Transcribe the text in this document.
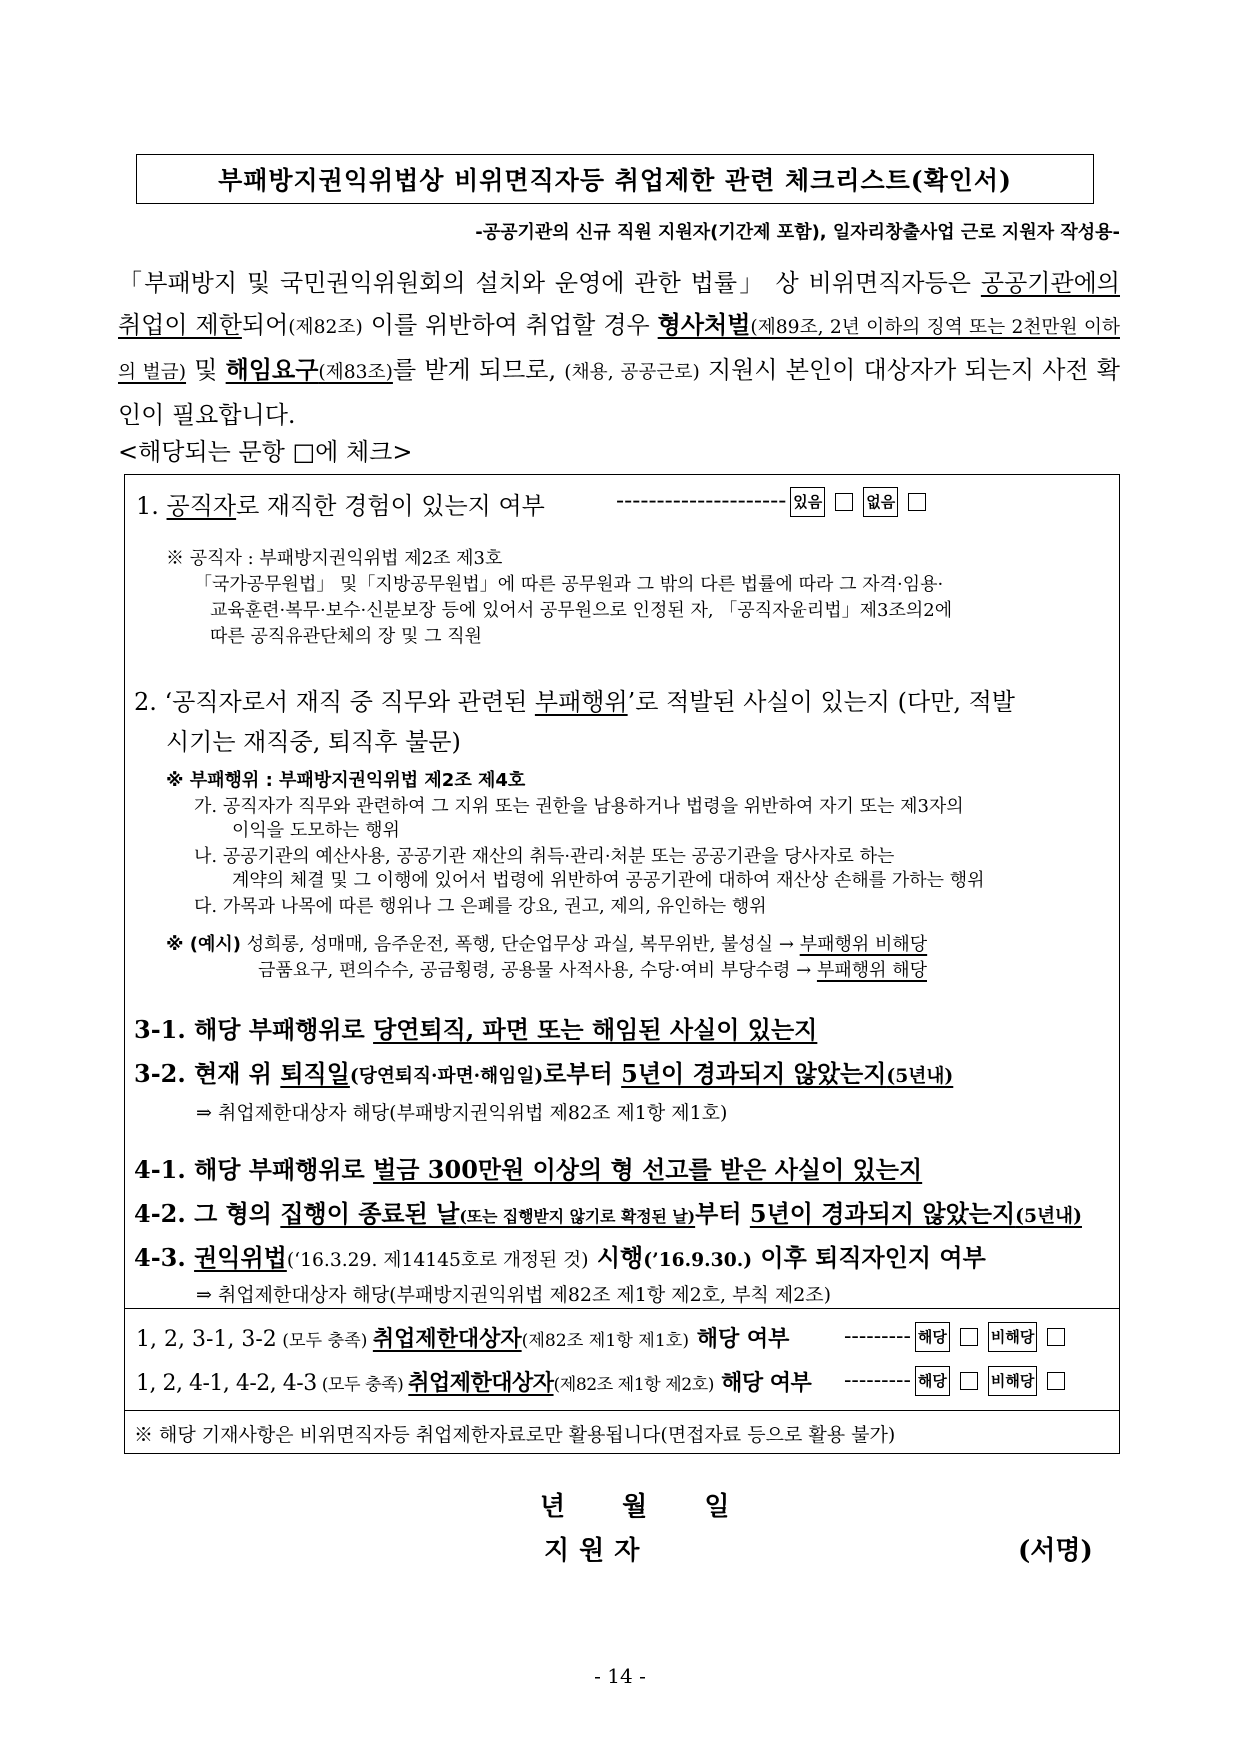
부패방지권익위법상 비위면직자등 취업제한 관련 체크리스트(확인서)
-공공기관의 신규 직원 지원자(기간제 포함), 일자리창출사업 근로 지원자 작성용-
「부패방지 및 국민권익위원회의 설치와 운영에 관한 법률」 상 비위면직자등은 공공기관에의 취업이 제한되어(제82조) 이를 위반하여 취업할 경우 형사처벌(제89조, 2년 이하의 징역 또는 2천만원 이하의 벌금) 및 해임요구(제83조)를 받게 되므로, (채용, 공공근로) 지원시 본인이 대상자가 되는지 사전 확인이 필요합니다.
<해당되는 문항 □에 체크>
1. 공직자로 재직한 경험이 있는지 여부	--------------------- 있음	없음
※ 공직자 : 부패방지권익위법 제2조 제3호
「국가공무원법」 및「지방공무원법」에 따른 공무원과 그 밖의 다른 법률에 따라 그 자격·임용·
교육훈련·복무·보수·신분보장 등에 있어서 공무원으로 인정된 자, 「공직자윤리법」제3조의2에
따른 공직유관단체의 장 및 그 직원
2. ‘공직자로서 재직 중 직무와 관련된 부패행위’로 적발된 사실이 있는지 (다만, 적발
시기는 재직중, 퇴직후 불문)
※ 부패행위 : 부패방지권익위법 제2조 제4호
가. 공직자가 직무와 관련하여 그 지위 또는 권한을 남용하거나 법령을 위반하여 자기 또는 제3자의
이익을 도모하는 행위
나. 공공기관의 예산사용, 공공기관 재산의 취득·관리·처분 또는 공공기관을 당사자로 하는
계약의 체결 및 그 이행에 있어서 법령에 위반하여 공공기관에 대하여 재산상 손해를 가하는 행위
다. 가목과 나목에 따른 행위나 그 은폐를 강요, 권고, 제의, 유인하는 행위
※ (예시) 성희롱, 성매매, 음주운전, 폭행, 단순업무상 과실, 복무위반, 불성실 → 부패행위 비해당
금품요구, 편의수수, 공금횡령, 공용물 사적사용, 수당·여비 부당수령 → 부패행위 해당
3-1. 해당 부패행위로 당연퇴직, 파면 또는 해임된 사실이 있는지
3-2. 현재 위 퇴직일(당연퇴직·파면·해임일)로부터 5년이 경과되지 않았는지(5년내)
⇒ 취업제한대상자 해당(부패방지권익위법 제82조 제1항 제1호)
4-1. 해당 부패행위로 벌금 300만원 이상의 형 선고를 받은 사실이 있는지
4-2. 그 형의 집행이 종료된 날(또는 집행받지 않기로 확정된 날)부터 5년이 경과되지 않았는지(5년내)
4-3. 권익위법(‘16.3.29. 제14145호로 개정된 것) 시행(’16.9.30.) 이후 퇴직자인지 여부
⇒ 취업제한대상자 해당(부패방지권익위법 제82조 제1항 제2호, 부칙 제2조)
1, 2, 3-1, 3-2 (모두 충족) 취업제한대상자(제82조 제1항 제1호) 해당 여부 --------- 해당	비해당
1, 2, 4-1, 4-2, 4-3 (모두 충족) 취업제한대상자(제82조 제1항 제2호) 해당 여부 --------- 해당	비해당
※ 해당 기재사항은 비위면직자등 취업제한자료로만 활용됩니다(면접자료 등으로 활용 불가)
년 월 일
지원자	(서명)
- 14 -
